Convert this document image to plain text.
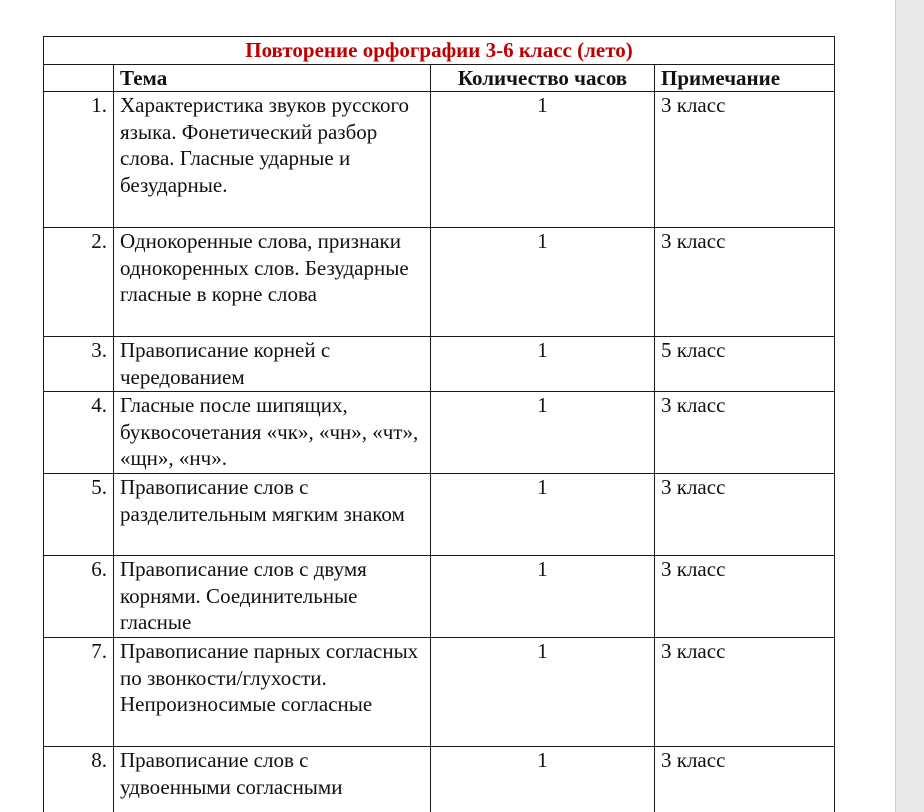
Повторение орфографии 3-6 класс (лето)			
	Тема	Количество часов	Примечание
1.	Характеристика звуков русского языка. Фонетический разбор слова. Гласные ударные и безударные.	1	3 класс
2.	Однокоренные слова, признаки однокоренных слов. Безударные гласные в корне слова	1	3 класс
3.	Правописание корней с чередованием	1	5 класс
4.	Гласные после шипящих, буквосочетания «чк», «чн», «чт», «щн», «нч».	1	3 класс
5.	Правописание слов с разделительным мягким знаком	1	3 класс
6.	Правописание слов с двумя корнями. Соединительные гласные	1	3 класс
7.	Правописание парных согласных по звонкости/глухости. Непроизносимые согласные	1	3 класс
8.	Правописание слов с удвоенными согласными	1	3 класс
